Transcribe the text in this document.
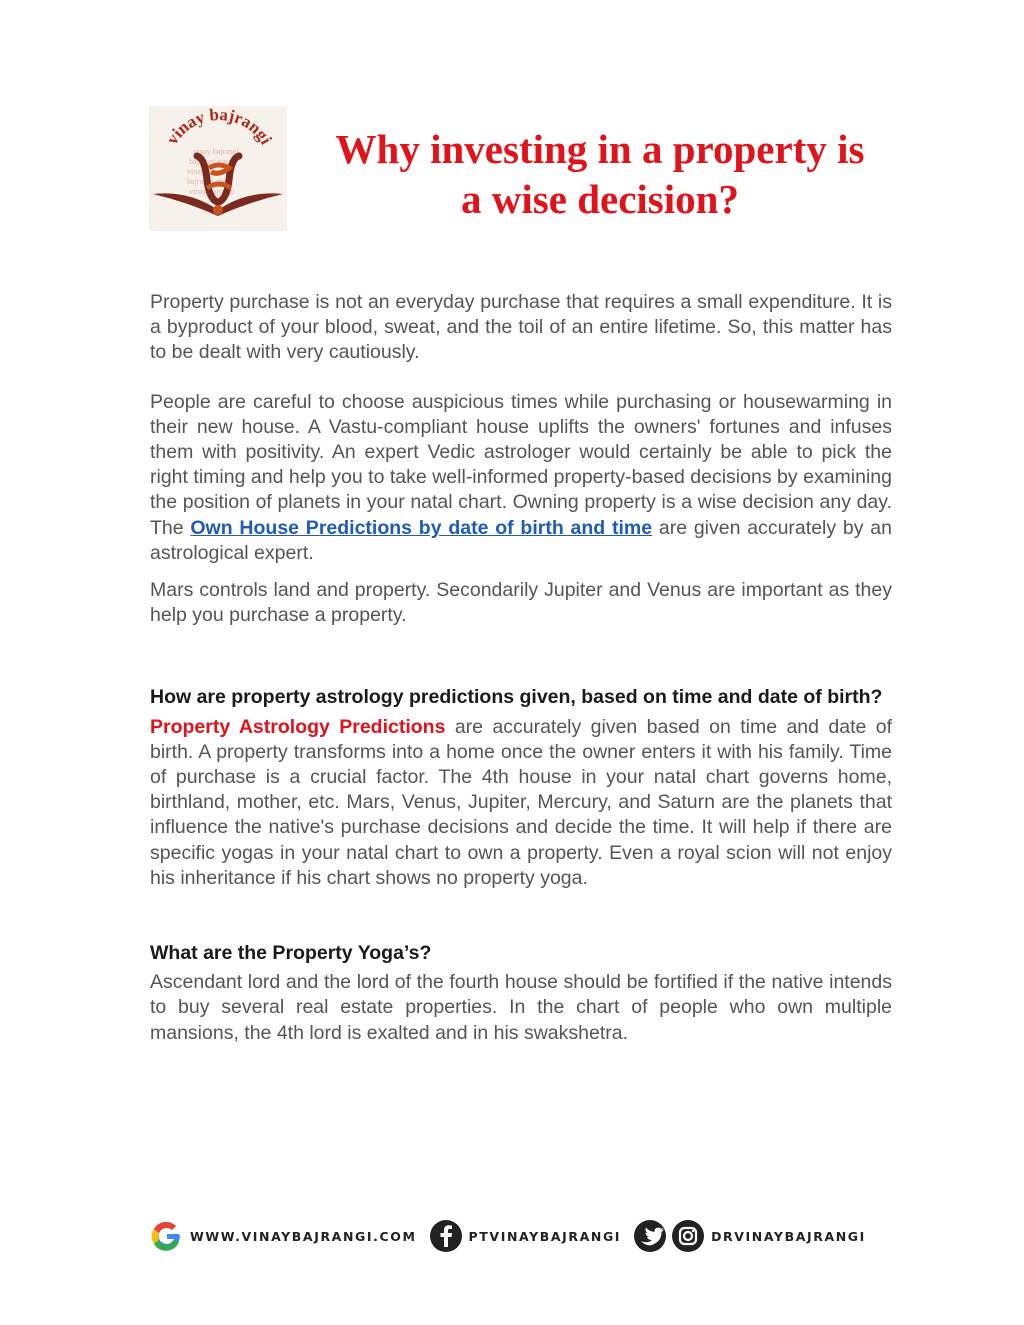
vinay bajrangi
vinay bajrangi
bajrangi vinay
vinay bajrangi
bajrangi vinay
vinay bajrangi
Why investing in a property is
a wise decision?

Property purchase is not an everyday purchase that requires a small expenditure. It is a byproduct of your blood, sweat, and the toil of an entire lifetime. So, this matter has to be dealt with very cautiously.

People are careful to choose auspicious times while purchasing or housewarming in their new house. A Vastu-compliant house uplifts the owners' fortunes and infuses them with positivity. An expert Vedic astrologer would certainly be able to pick the right timing and help you to take well-informed property-based decisions by examining the position of planets in your natal chart. Owning property is a wise decision any day. The Own House Predictions by date of birth and time are given accurately by an astrological expert.

Mars controls land and property. Secondarily Jupiter and Venus are important as they help you purchase a property.

How are property astrology predictions given, based on time and date of birth?

Property Astrology Predictions are accurately given based on time and date of birth. A property transforms into a home once the owner enters it with his family. Time of purchase is a crucial factor. The 4th house in your natal chart governs home, birthland, mother, etc. Mars, Venus, Jupiter, Mercury, and Saturn are the planets that influence the native's purchase decisions and decide the time. It will help if there are specific yogas in your natal chart to own a property. Even a royal scion will not enjoy his inheritance if his chart shows no property yoga.

What are the Property Yoga’s?

Ascendant lord and the lord of the fourth house should be fortified if the native intends to buy several real estate properties. In the chart of people who own multiple mansions, the 4th lord is exalted and in his swakshetra.

WWW.VINAYBAJRANGI.COM	PTVINAYBAJRANGI	DRVINAYBAJRANGI
